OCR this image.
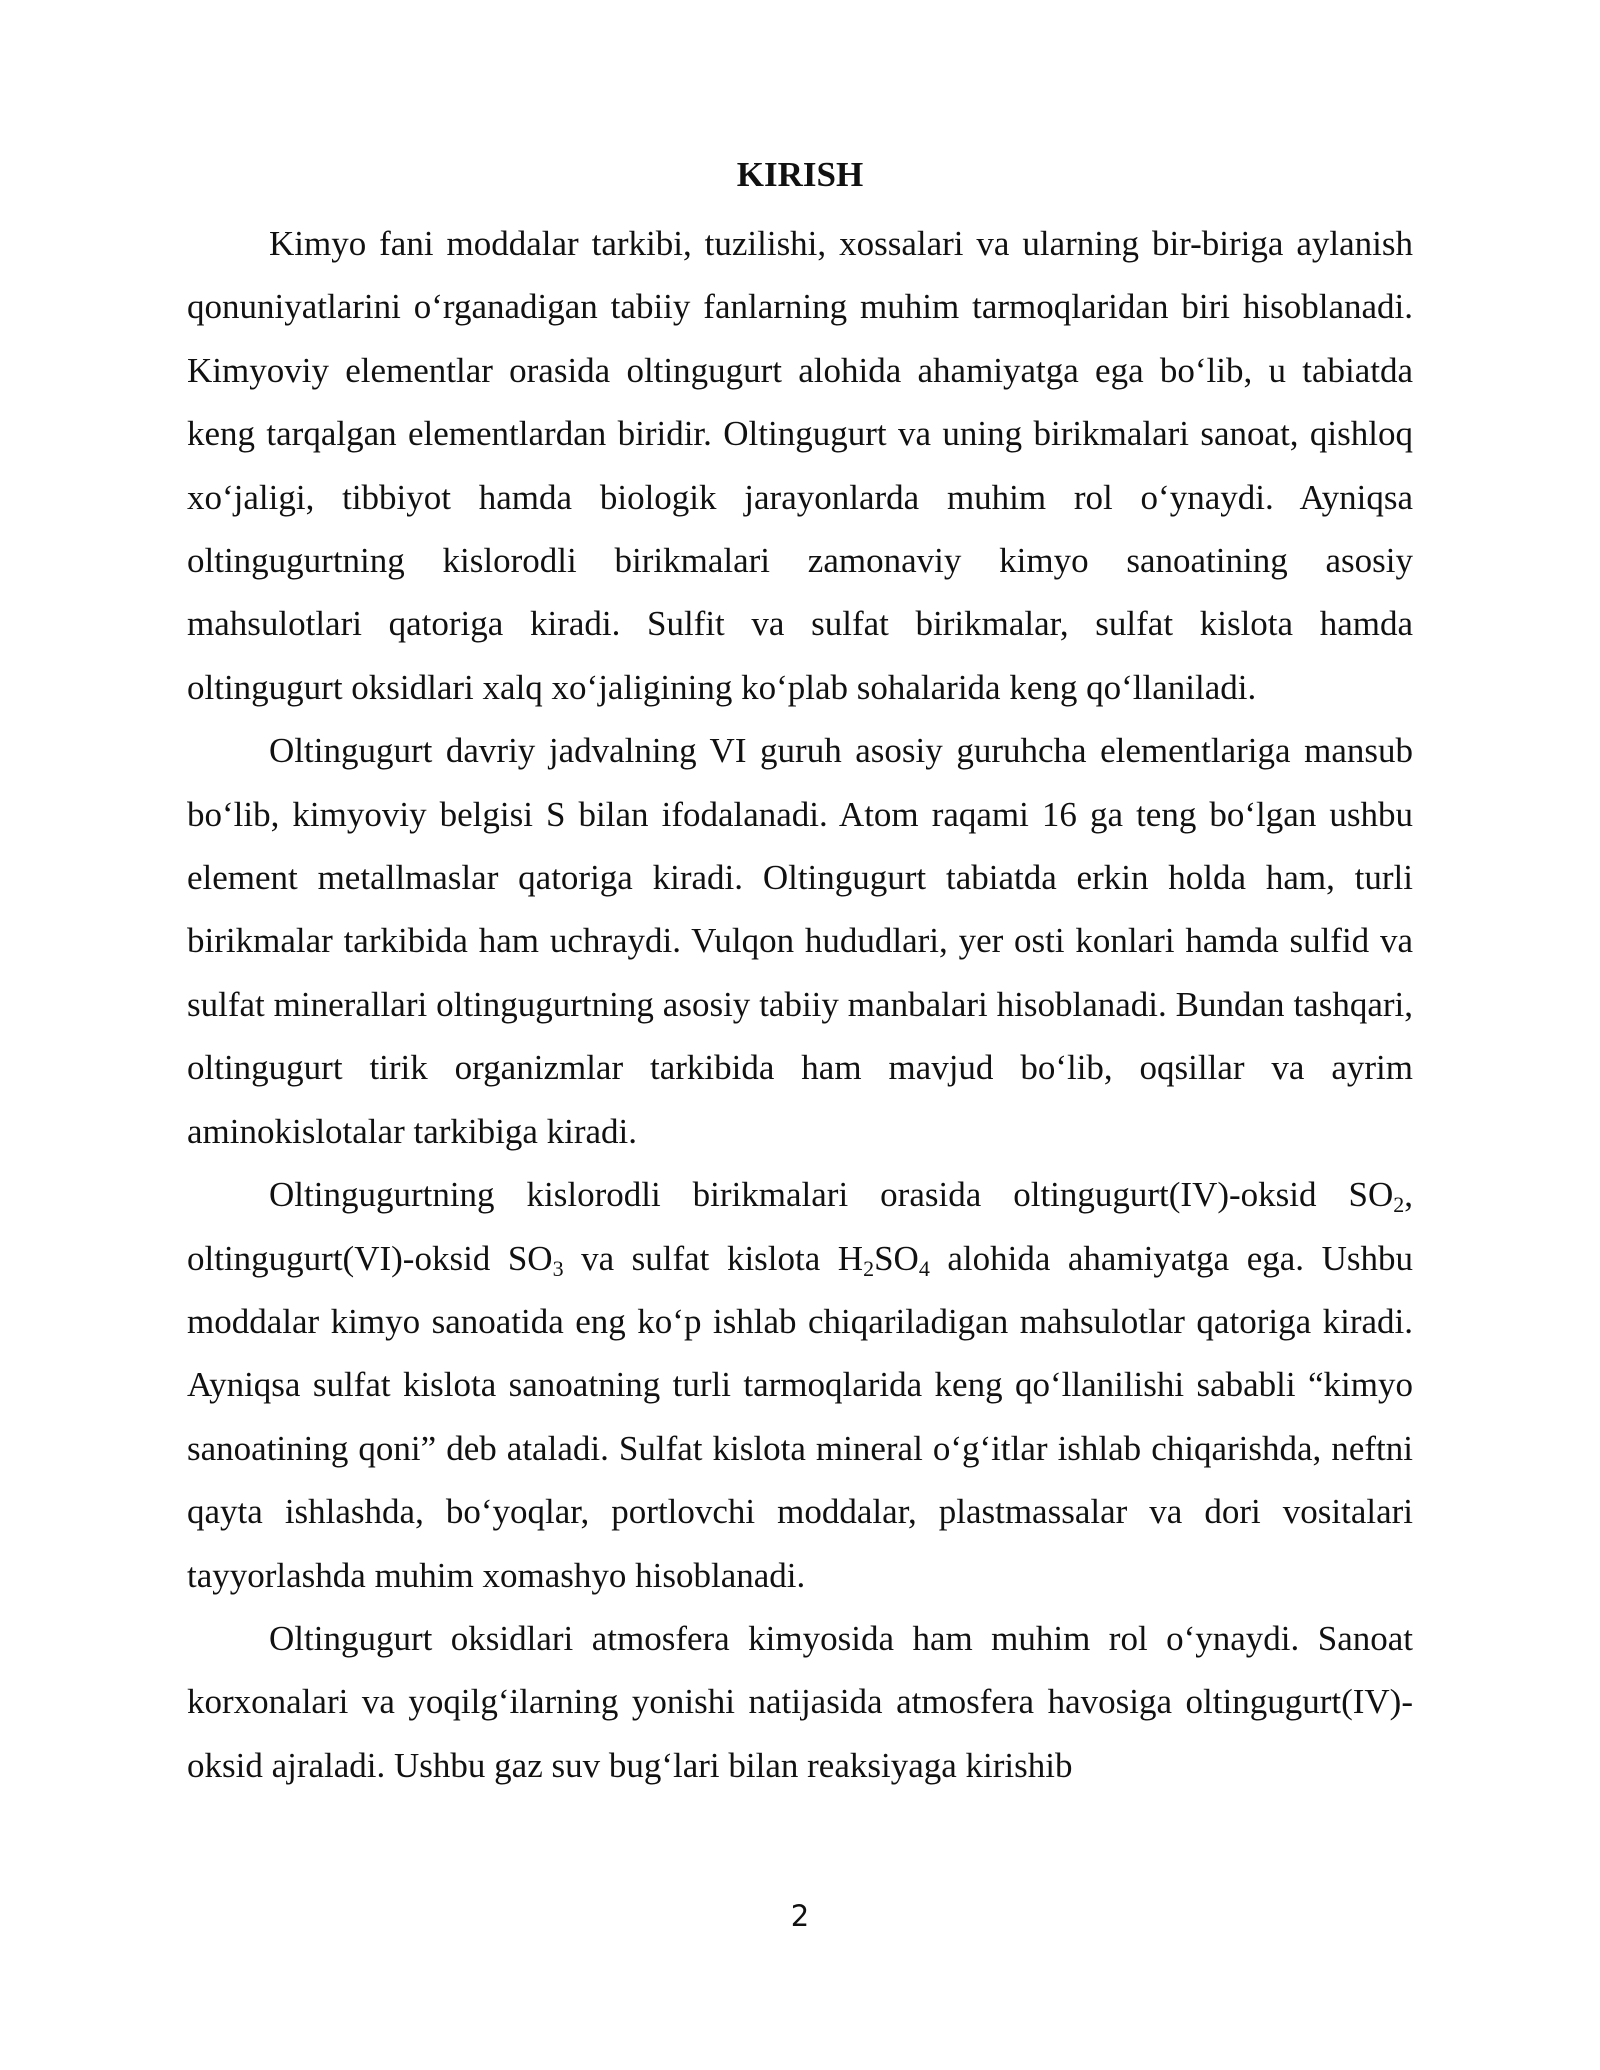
KIRISH

Kimyo fani moddalar tarkibi, tuzilishi, xossalari va ularning bir-biriga aylanish qonuniyatlarini o‘rganadigan tabiiy fanlarning muhim tarmoqlaridan biri hisoblanadi. Kimyoviy elementlar orasida oltingugurt alohida ahamiyatga ega bo‘lib, u tabiatda keng tarqalgan elementlardan biridir. Oltingugurt va uning birikmalari sanoat, qishloq xo‘jaligi, tibbiyot hamda biologik jarayonlarda muhim rol o‘ynaydi. Ayniqsa oltingugurtning kislorodli birikmalari zamonaviy kimyo sanoatining asosiy mahsulotlari qatoriga kiradi. Sulfit va sulfat birikmalar, sulfat kislota hamda oltingugurt oksidlari xalq xo‘jaligining ko‘plab sohalarida keng qo‘llaniladi.

Oltingugurt davriy jadvalning VI guruh asosiy guruhcha elementlariga mansub bo‘lib, kimyoviy belgisi S bilan ifodalanadi. Atom raqami 16 ga teng bo‘lgan ushbu element metallmaslar qatoriga kiradi. Oltingugurt tabiatda erkin holda ham, turli birikmalar tarkibida ham uchraydi. Vulqon hududlari, yer osti konlari hamda sulfid va sulfat minerallari oltingugurtning asosiy tabiiy manbalari hisoblanadi. Bundan tashqari, oltingugurt tirik organizmlar tarkibida ham mavjud bo‘lib, oqsillar va ayrim aminokislotalar tarkibiga kiradi.

Oltingugurtning kislorodli birikmalari orasida oltingugurt(IV)-oksid $SO_2$, oltingugurt(VI)-oksid $SO_3$ va sulfat kislota $H_2SO_4$ alohida ahamiyatga ega. Ushbu moddalar kimyo sanoatida eng ko‘p ishlab chiqariladigan mahsulotlar qatoriga kiradi. Ayniqsa sulfat kislota sanoatning turli tarmoqlarida keng qo‘llanilishi sababli “kimyo sanoatining qoni” deb ataladi. Sulfat kislota mineral o‘g‘itlar ishlab chiqarishda, neftni qayta ishlashda, bo‘yoqlar, portlovchi moddalar, plastmassalar va dori vositalari tayyorlashda muhim xomashyo hisoblanadi.

Oltingugurt oksidlari atmosfera kimyosida ham muhim rol o‘ynaydi. Sanoat korxonalari va yoqilg‘ilarning yonishi natijasida atmosfera havosiga oltingugurt(IV)-oksid ajraladi. Ushbu gaz suv bug‘lari bilan reaksiyaga kirishib

2
